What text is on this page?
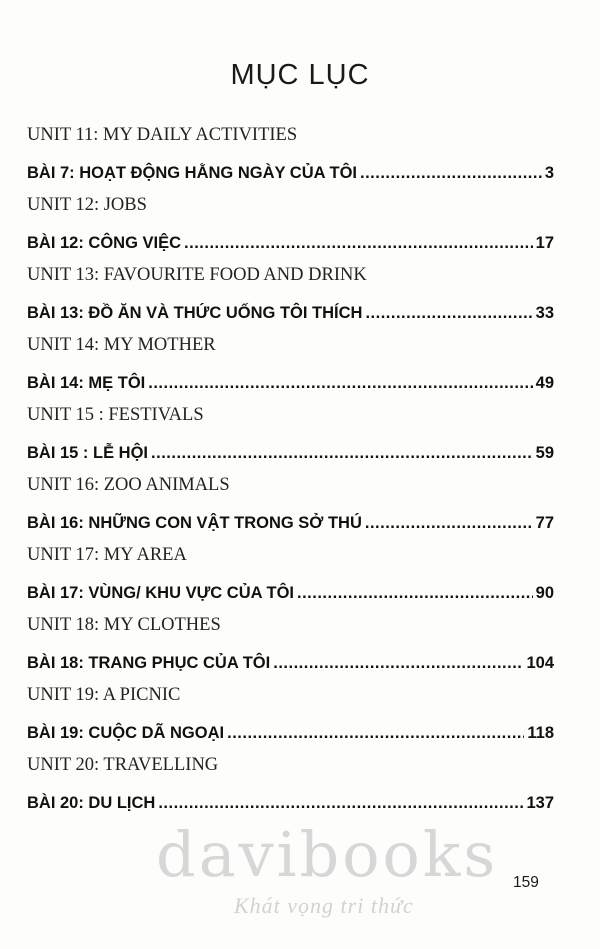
MỤC LỤC
UNIT 11: MY DAILY ACTIVITIES
BÀI 7: HOẠT ĐỘNG HẰNG NGÀY CỦA TÔI .....	3
UNIT 12: JOBS
BÀI 12: CÔNG VIỆC .....	17
UNIT 13: FAVOURITE FOOD AND DRINK
BÀI 13: ĐỒ ĂN VÀ THỨC UỐNG TÔI THÍCH .....	33
UNIT 14: MY MOTHER
BÀI 14: MẸ TÔI .....	49
UNIT 15 : FESTIVALS
BÀI 15 : LỄ HỘI .....	59
UNIT 16: ZOO ANIMALS
BÀI 16: NHỮNG CON VẬT TRONG SỞ THÚ .....	77
UNIT 17: MY AREA
BÀI 17: VÙNG/ KHU VỰC CỦA TÔI .....	90
UNIT 18: MY CLOTHES
BÀI 18: TRANG PHỤC CỦA TÔI .....	104
UNIT 19: A PICNIC
BÀI 19: CUỘC DÃ NGOẠI .....	118
UNIT 20: TRAVELLING
BÀI 20: DU LỊCH .....	137
davibooks
Khát vọng tri thức
159
